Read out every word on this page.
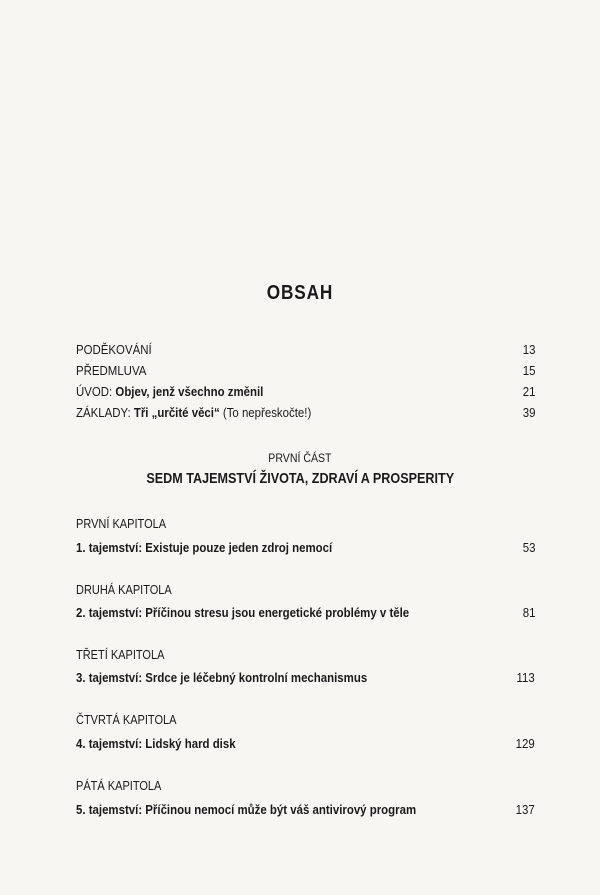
OBSAH
PODĚKOVÁNÍ	13
PŘEDMLUVA	15
ÚVOD: Objev, jenž všechno změnil	21
ZÁKLADY: Tři „určité věci“ (To nepřeskočte!)	39
PRVNÍ ČÁST
SEDM TAJEMSTVÍ ŽIVOTA, ZDRAVÍ A PROSPERITY
PRVNÍ KAPITOLA
1. tajemství: Existuje pouze jeden zdroj nemocí	53
DRUHÁ KAPITOLA
2. tajemství: Příčinou stresu jsou energetické problémy v těle	81
TŘETÍ KAPITOLA
3. tajemství: Srdce je léčebný kontrolní mechanismus	113
ČTVRTÁ KAPITOLA
4. tajemství: Lidský hard disk	129
PÁTÁ KAPITOLA
5. tajemství: Příčinou nemocí může být váš antivirový program	137
